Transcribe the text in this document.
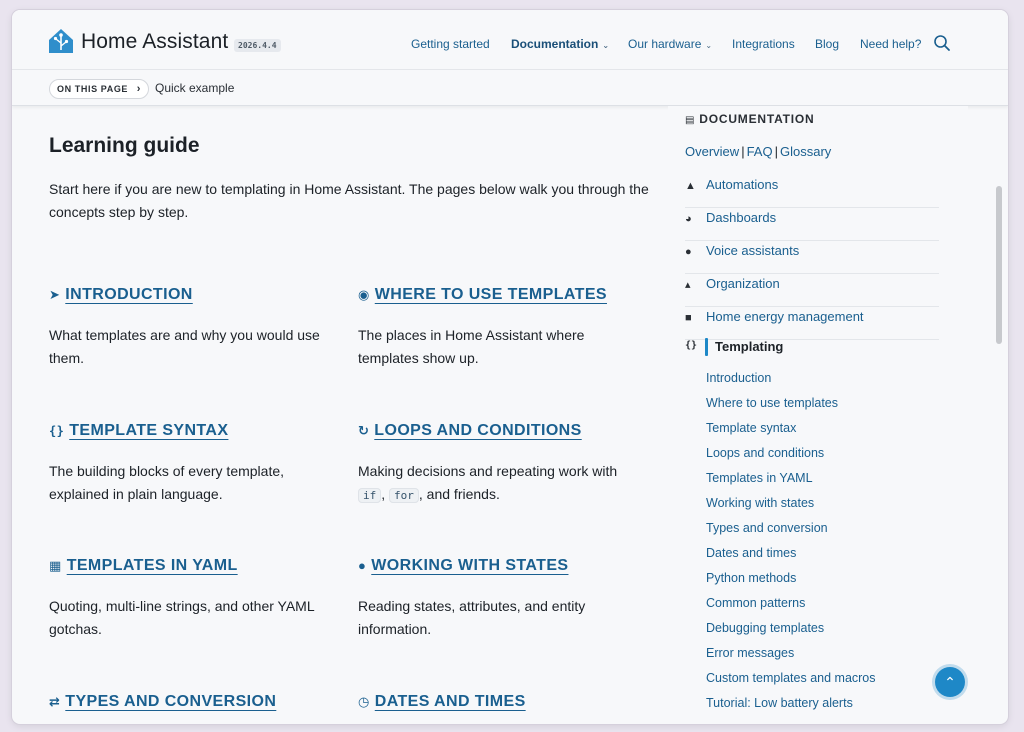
Home Assistant	2026.4.4	Getting started Documentation ⌄ Our hardware ⌄ Integrations Blog Need help?
ON THIS PAGE › Quick example
Learning guide
Start here if you are new to templating in Home Assistant. The pages below walk you through the concepts step by step.
➤ INTRODUCTION
What templates are and why you would use them.
◉ WHERE TO USE TEMPLATES
The places in Home Assistant where templates show up.
{} TEMPLATE SYNTAX
The building blocks of every template, explained in plain language.
↻ LOOPS AND CONDITIONS
Making decisions and repeating work with
if , for , and friends.
▦ TEMPLATES IN YAML
Quoting, multi-line strings, and other YAML gotchas.
● WORKING WITH STATES
Reading states, attributes, and entity information.
⇄ TYPES AND CONVERSION	◷ DATES AND TIMES
▤ DOCUMENTATION
Overview | FAQ | Glossary
▲ Automations
◕	Dashboards
●	Voice assistants
▴	Organization
■	Home energy management
{} Templating
Introduction
Where to use templates
Template syntax
Loops and conditions
Templates in YAML
Working with states
Types and conversion
Dates and times
Python methods
Common patterns
Debugging templates
Error messages
Custom templates and macros
Tutorial: Low battery alerts
⌃
